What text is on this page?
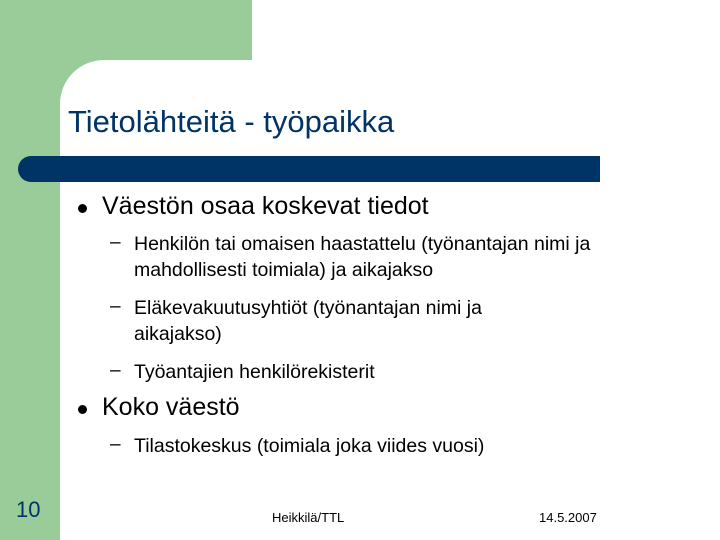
Tietolähteitä - työpaikka
Väestön osaa koskevat tiedot
– Henkilön tai omaisen haastattelu (työnantajan nimi ja mahdollisesti toimiala) ja aikajakso
– Eläkevakuutusyhtiöt (työnantajan nimi ja aikajakso)
– Työantajien henkilörekisterit
Koko väestö
– Tilastokeskus (toimiala joka viides vuosi)
10	Heikkilä/TTL	14.5.2007
